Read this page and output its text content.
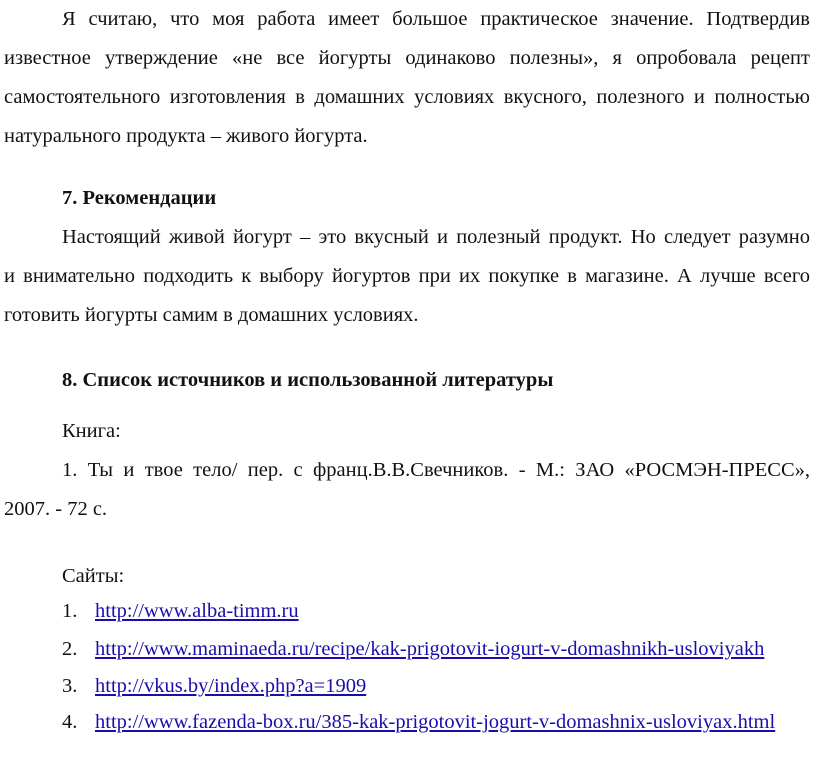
Я считаю, что моя работа имеет большое практическое значение. Подтвердив
известное утверждение «не все йогурты одинаково полезны», я опробовала рецепт
самостоятельного изготовления в домашних условиях вкусного, полезного и полностью
натурального продукта – живого йогурта.
7. Рекомендации
Настоящий живой йогурт – это вкусный и полезный продукт. Но следует разумно
и внимательно подходить к выбору йогуртов при их покупке в магазине. А лучше всего
готовить йогурты самим в домашних условиях.
8. Список источников и использованной литературы
Книга:
1. Ты и твое тело/ пер. с франц.В.В.Свечников. - М.: ЗАО «РОСМЭН-ПРЕСС»,
2007. - 72 с.
Сайты:
1. http://www.alba-timm.ru
2. http://www.maminaeda.ru/recipe/kak-prigotovit-iogurt-v-domashnikh-usloviyakh
3. http://vkus.by/index.php?a=1909
4. http://www.fazenda-box.ru/385-kak-prigotovit-jogurt-v-domashnix-usloviyax.html
